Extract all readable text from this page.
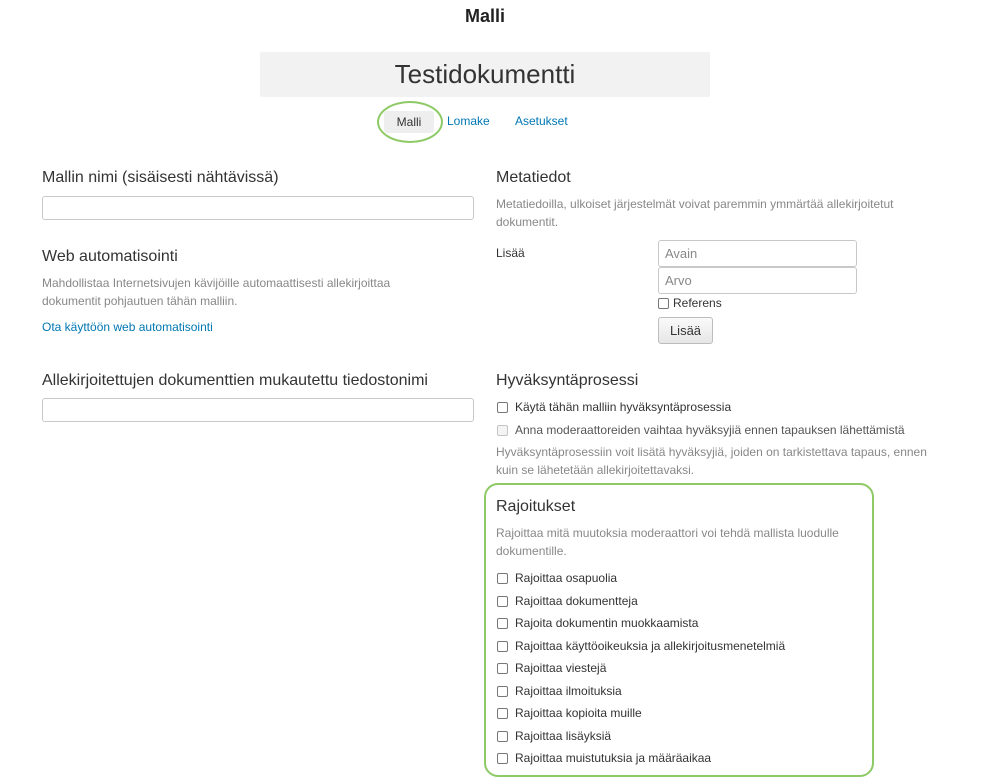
Malli
Testidokumentti
Malli	Lomake Asetukset
Mallin nimi (sisäisesti nähtävissä)
Web automatisointi
Mahdollistaa Internetsivujen kävijöille automaattisesti allekirjoittaa dokumentit pohjautuen tähän malliin.
Ota käyttöön web automatisointi
Allekirjoitettujen dokumenttien mukautettu tiedostonimi
Metatiedot
Metatiedoilla, ulkoiset järjestelmät voivat paremmin ymmärtää allekirjoitetut dokumentit.
Lisää
Avain
Arvo
Referens
Lisää
Hyväksyntäprosessi
Käytä tähän malliin hyväksyntäprosessia
Anna moderaattoreiden vaihtaa hyväksyjiä ennen tapauksen lähettämistä
Hyväksyntäprosessiin voit lisätä hyväksyjiä, joiden on tarkistettava tapaus, ennen kuin se lähetetään allekirjoitettavaksi.
Rajoitukset
Rajoittaa mitä muutoksia moderaattori voi tehdä mallista luodulle dokumentille.
Rajoittaa osapuolia
Rajoittaa dokumentteja
Rajoita dokumentin muokkaamista
Rajoittaa käyttöoikeuksia ja allekirjoitusmenetelmiä
Rajoittaa viestejä
Rajoittaa ilmoituksia
Rajoittaa kopioita muille
Rajoittaa lisäyksiä
Rajoittaa muistutuksia ja määräaikaa
